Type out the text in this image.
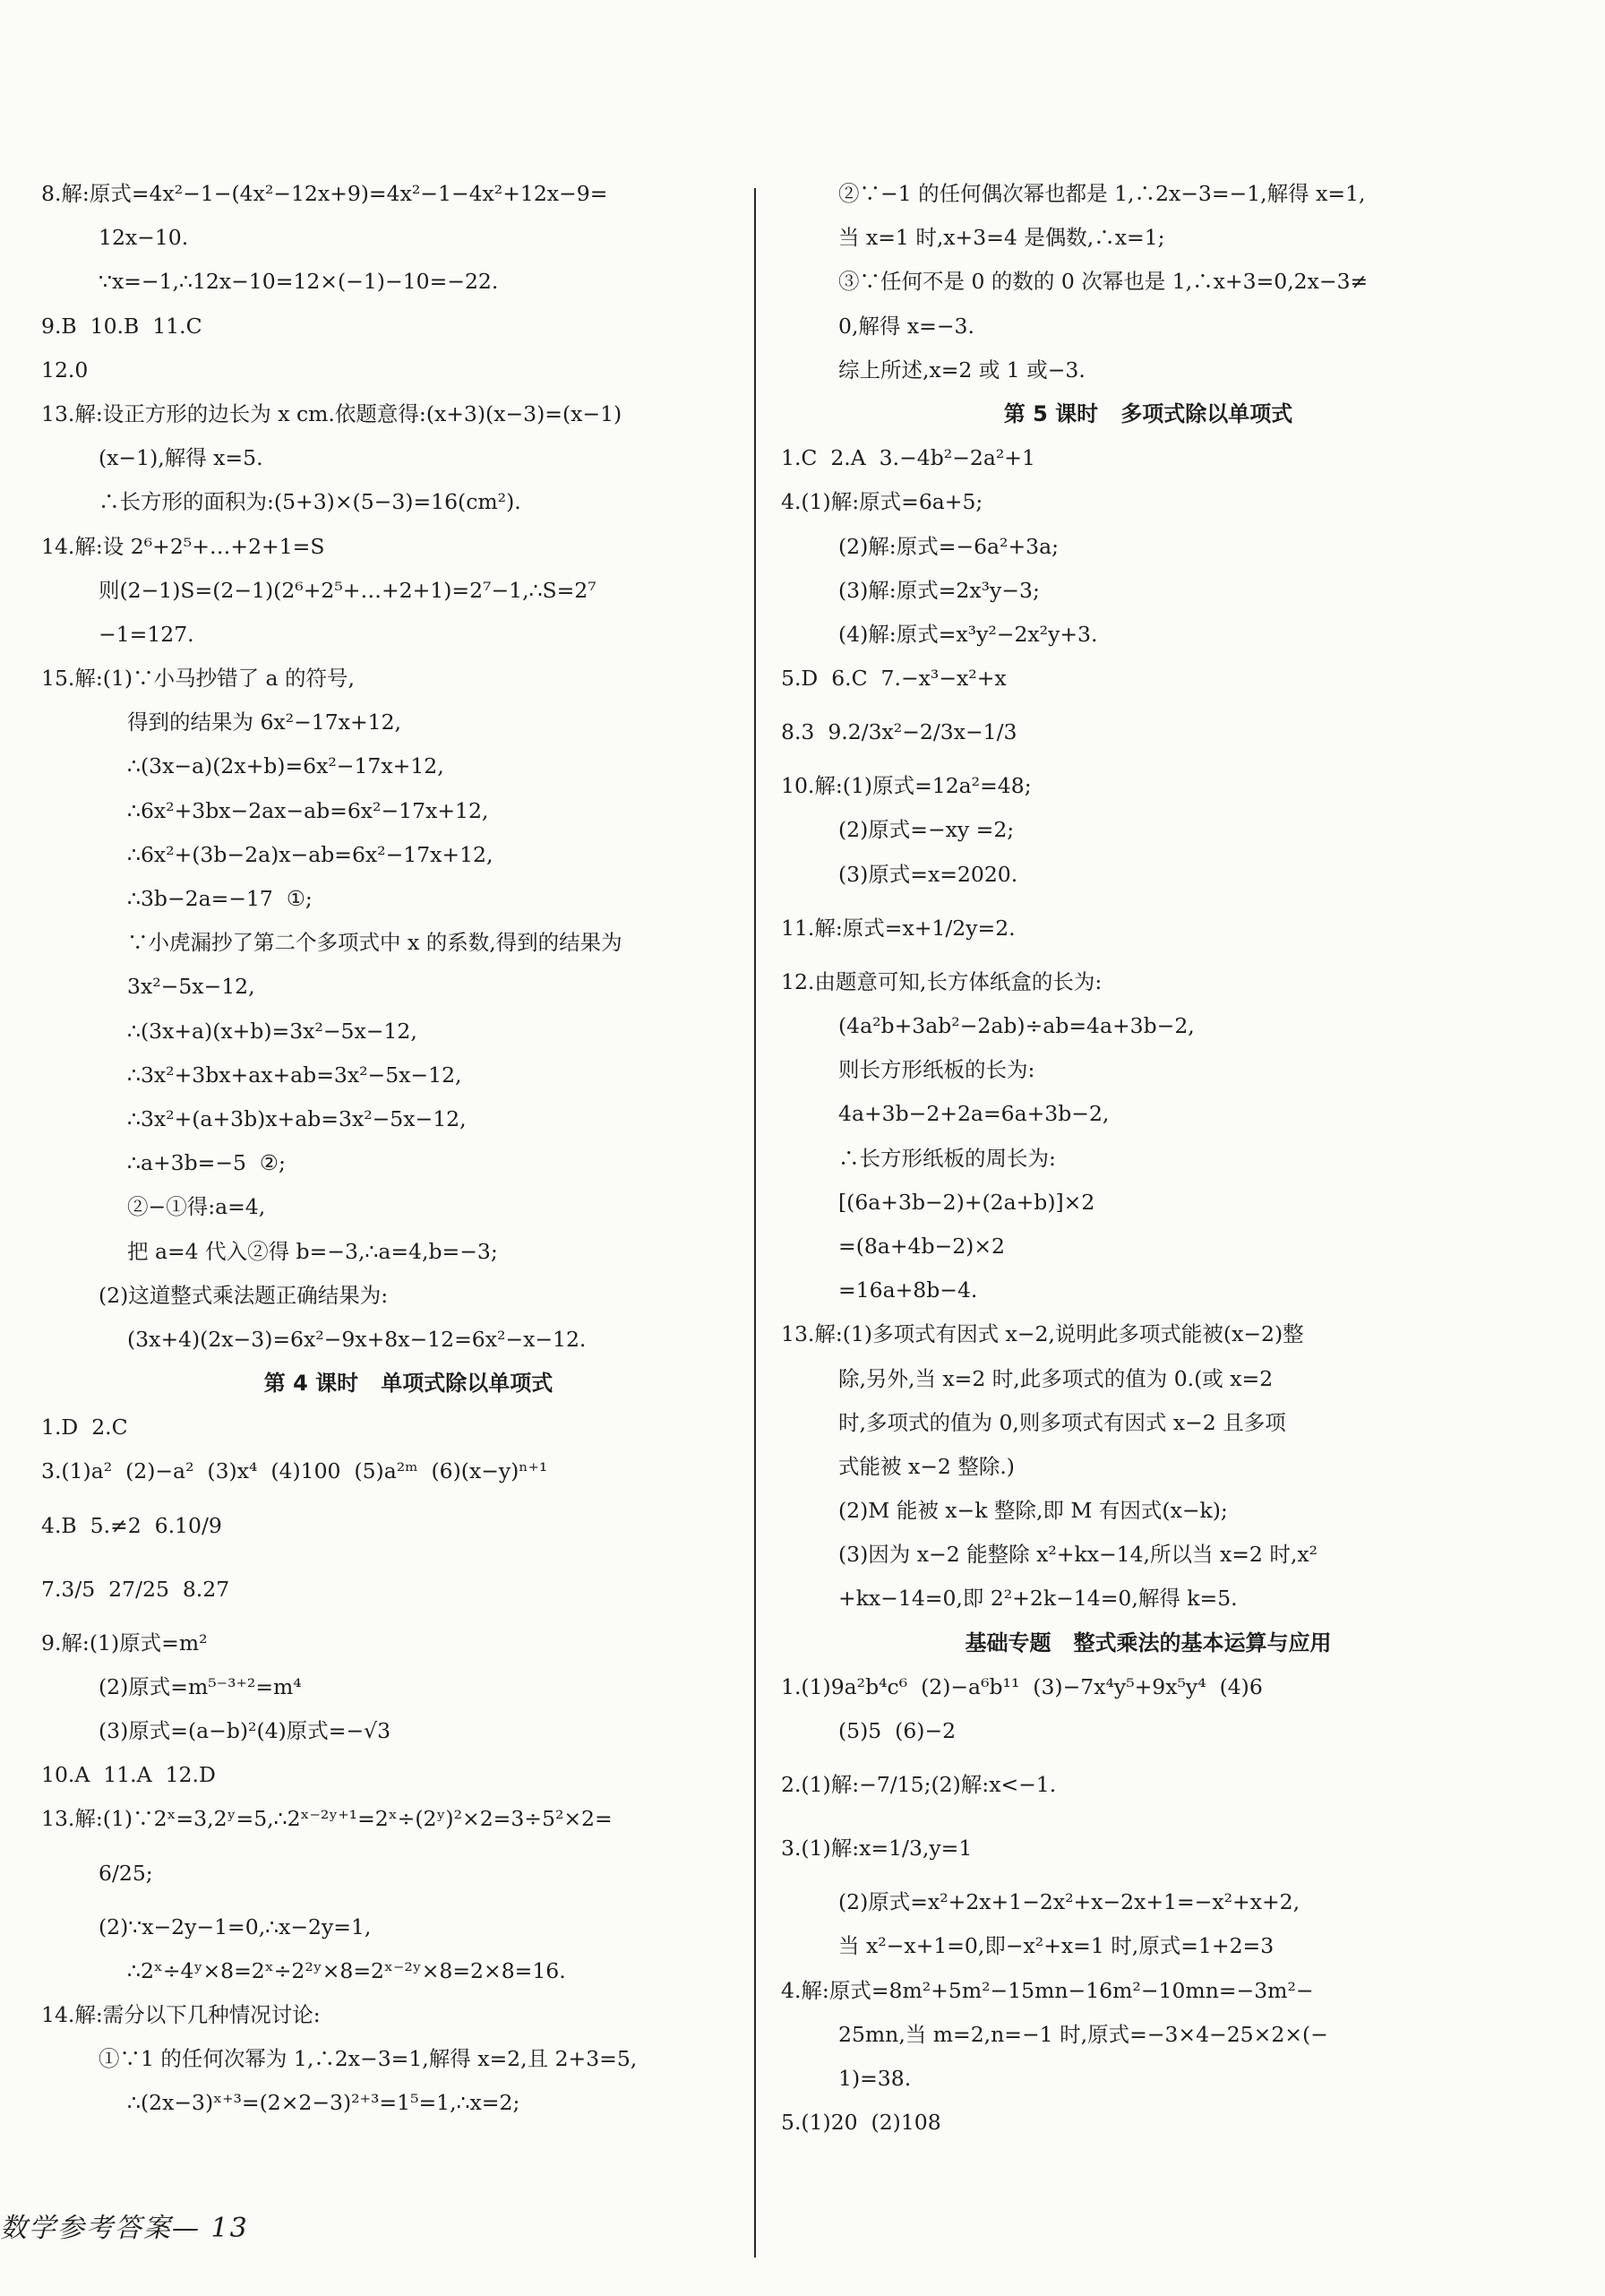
8.解:原式=4x²−1−(4x²−12x+9)=4x²−1−4x²+12x−9=
12x−10.
∵x=−1,∴12x−10=12×(−1)−10=−22.
9.B  10.B  11.C
12.0
13.解:设正方形的边长为 x cm.依题意得:(x+3)(x−3)=(x−1)
(x−1),解得 x=5.
∴长方形的面积为:(5+3)×(5−3)=16(cm²).
14.解:设 2⁶+2⁵+…+2+1=S
则(2−1)S=(2−1)(2⁶+2⁵+…+2+1)=2⁷−1,∴S=2⁷
−1=127.
15.解:(1)∵小马抄错了 a 的符号,
得到的结果为 6x²−17x+12,
∴(3x−a)(2x+b)=6x²−17x+12,
∴6x²+3bx−2ax−ab=6x²−17x+12,
∴6x²+(3b−2a)x−ab=6x²−17x+12,
∴3b−2a=−17  ①;
∵小虎漏抄了第二个多项式中 x 的系数,得到的结果为
3x²−5x−12,
∴(3x+a)(x+b)=3x²−5x−12,
∴3x²+3bx+ax+ab=3x²−5x−12,
∴3x²+(a+3b)x+ab=3x²−5x−12,
∴a+3b=−5  ②;
②−①得:a=4,
把 a=4 代入②得 b=−3,∴a=4,b=−3;
(2)这道整式乘法题正确结果为:
(3x+4)(2x−3)=6x²−9x+8x−12=6x²−x−12.
第 4 课时   单项式除以单项式
1.D  2.C
3.(1)a²  (2)−a²  (3)x⁴  (4)100  (5)a²ᵐ  (6)(x−y)ⁿ⁺¹
4.B  5.≠2  6.10/9
7.3/5  27/25  8.27
9.解:(1)原式=m²
(2)原式=m⁵⁻³⁺²=m⁴
(3)原式=(a−b)²(4)原式=−√3
10.A  11.A  12.D
13.解:(1)∵2ˣ=3,2ʸ=5,∴2ˣ⁻²ʸ⁺¹=2ˣ÷(2ʸ)²×2=3÷5²×2=
6/25;
(2)∵x−2y−1=0,∴x−2y=1,
∴2ˣ÷4ʸ×8=2ˣ÷2²ʸ×8=2ˣ⁻²ʸ×8=2×8=16.
14.解:需分以下几种情况讨论:
①∵1 的任何次幂为 1,∴2x−3=1,解得 x=2,且 2+3=5,
∴(2x−3)ˣ⁺³=(2×2−3)²⁺³=1⁵=1,∴x=2;
②∵−1 的任何偶次幂也都是 1,∴2x−3=−1,解得 x=1,
当 x=1 时,x+3=4 是偶数,∴x=1;
③∵任何不是 0 的数的 0 次幂也是 1,∴x+3=0,2x−3≠
0,解得 x=−3.
综上所述,x=2 或 1 或−3.
第 5 课时   多项式除以单项式
1.C  2.A  3.−4b²−2a²+1
4.(1)解:原式=6a+5;
(2)解:原式=−6a²+3a;
(3)解:原式=2x³y−3;
(4)解:原式=x³y²−2x²y+3.
5.D  6.C  7.−x³−x²+x
8.3  9.2/3x²−2/3x−1/3
10.解:(1)原式=12a²=48;
(2)原式=−xy =2;
(3)原式=x=2020.
11.解:原式=x+1/2y=2.
12.由题意可知,长方体纸盒的长为:
(4a²b+3ab²−2ab)÷ab=4a+3b−2,
则长方形纸板的长为:
4a+3b−2+2a=6a+3b−2,
∴长方形纸板的周长为:
[(6a+3b−2)+(2a+b)]×2
=(8a+4b−2)×2
=16a+8b−4.
13.解:(1)多项式有因式 x−2,说明此多项式能被(x−2)整
除,另外,当 x=2 时,此多项式的值为 0.(或 x=2
时,多项式的值为 0,则多项式有因式 x−2 且多项
式能被 x−2 整除.)
(2)M 能被 x−k 整除,即 M 有因式(x−k);
(3)因为 x−2 能整除 x²+kx−14,所以当 x=2 时,x²
+kx−14=0,即 2²+2k−14=0,解得 k=5.
基础专题   整式乘法的基本运算与应用
1.(1)9a²b⁴c⁶  (2)−a⁶b¹¹  (3)−7x⁴y⁵+9x⁵y⁴  (4)6
(5)5  (6)−2
2.(1)解:−7/15;(2)解:x<−1.
3.(1)解:x=1/3,y=1
(2)原式=x²+2x+1−2x²+x−2x+1=−x²+x+2,
当 x²−x+1=0,即−x²+x=1 时,原式=1+2=3
4.解:原式=8m²+5m²−15mn−16m²−10mn=−3m²−
25mn,当 m=2,n=−1 时,原式=−3×4−25×2×(−
1)=38.
5.(1)20  (2)108
数学参考答案— 13
